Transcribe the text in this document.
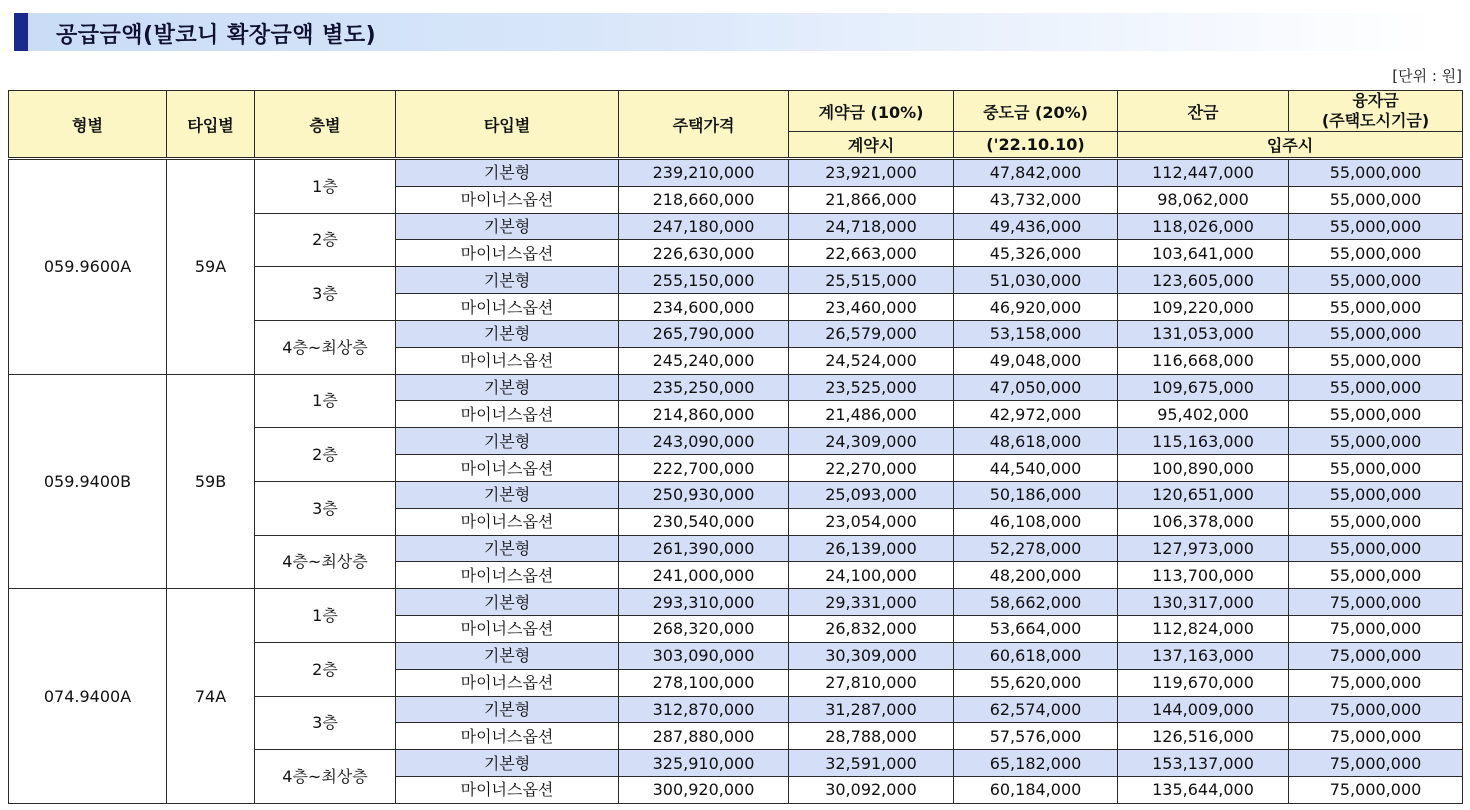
공급금액(발코니 확장금액 별도)
[단위 : 원]
형별	타입별	층별	타입별	주택가격	계약금 (10%)	중도금 (20%)	잔금	융자금
(주택도시기금)
					계약시	('22.10.10)	입주시	
059.9600A	59A	1층	기본형	239,210,000	23,921,000	47,842,000	112,447,000	55,000,000
			마이너스옵션	218,660,000	21,866,000	43,732,000	98,062,000	55,000,000
		2층	기본형	247,180,000	24,718,000	49,436,000	118,026,000	55,000,000
			마이너스옵션	226,630,000	22,663,000	45,326,000	103,641,000	55,000,000
		3층	기본형	255,150,000	25,515,000	51,030,000	123,605,000	55,000,000
			마이너스옵션	234,600,000	23,460,000	46,920,000	109,220,000	55,000,000
		4층~최상층	기본형	265,790,000	26,579,000	53,158,000	131,053,000	55,000,000
			마이너스옵션	245,240,000	24,524,000	49,048,000	116,668,000	55,000,000
059.9400B	59B	1층	기본형	235,250,000	23,525,000	47,050,000	109,675,000	55,000,000
			마이너스옵션	214,860,000	21,486,000	42,972,000	95,402,000	55,000,000
		2층	기본형	243,090,000	24,309,000	48,618,000	115,163,000	55,000,000
			마이너스옵션	222,700,000	22,270,000	44,540,000	100,890,000	55,000,000
		3층	기본형	250,930,000	25,093,000	50,186,000	120,651,000	55,000,000
			마이너스옵션	230,540,000	23,054,000	46,108,000	106,378,000	55,000,000
		4층~최상층	기본형	261,390,000	26,139,000	52,278,000	127,973,000	55,000,000
			마이너스옵션	241,000,000	24,100,000	48,200,000	113,700,000	55,000,000
074.9400A	74A	1층	기본형	293,310,000	29,331,000	58,662,000	130,317,000	75,000,000
			마이너스옵션	268,320,000	26,832,000	53,664,000	112,824,000	75,000,000
		2층	기본형	303,090,000	30,309,000	60,618,000	137,163,000	75,000,000
			마이너스옵션	278,100,000	27,810,000	55,620,000	119,670,000	75,000,000
		3층	기본형	312,870,000	31,287,000	62,574,000	144,009,000	75,000,000
			마이너스옵션	287,880,000	28,788,000	57,576,000	126,516,000	75,000,000
		4층~최상층	기본형	325,910,000	32,591,000	65,182,000	153,137,000	75,000,000
			마이너스옵션	300,920,000	30,092,000	60,184,000	135,644,000	75,000,000
